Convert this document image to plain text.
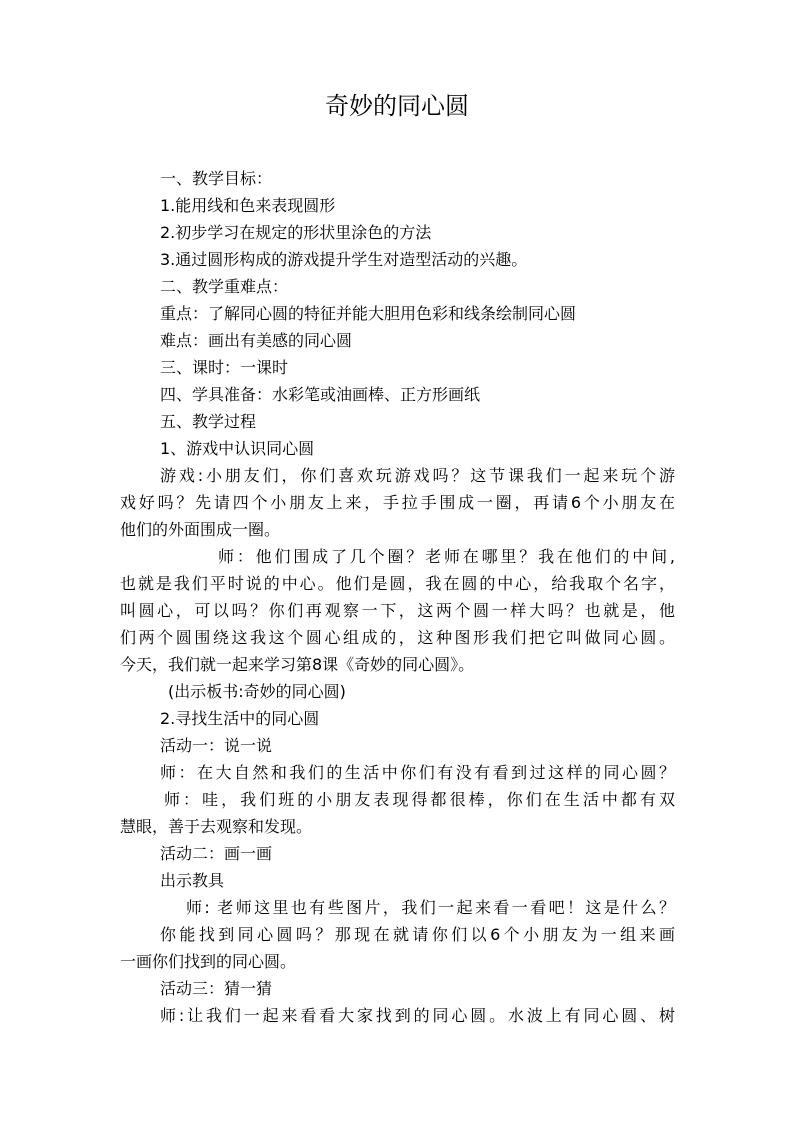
奇妙的同心圆
一、教学目标：
1.能用线和色来表现圆形
2.初步学习在规定的形状里涂色的方法
3.通过圆形构成的游戏提升学生对造型活动的兴趣。
二、教学重难点：
重点：了解同心圆的特征并能大胆用色彩和线条绘制同心圆
难点：画出有美感的同心圆
三、课时：一课时
四、学具准备：水彩笔或油画棒、正方形画纸
五、教学过程
1、游戏中认识同心圆
游戏:小朋友们，你们喜欢玩游戏吗？这节课我们一起来玩个游
戏好吗？先请四个小朋友上来，手拉手围成一圈，再请6个小朋友在
他们的外面围成一圈。
师：他们围成了几个圈？老师在哪里？我在他们的中间,
也就是我们平时说的中心。他们是圆，我在圆的中心，给我取个名字，
叫圆心，可以吗？你们再观察一下，这两个圆一样大吗？也就是，他
们两个圆围绕这我这个圆心组成的，这种图形我们把它叫做同心圆。
今天，我们就一起来学习第8课《奇妙的同心圆》。
(出示板书:奇妙的同心圆)
2.寻找生活中的同心圆
活动一：说一说
师：在大自然和我们的生活中你们有没有看到过这样的同心圆？
师：哇，我们班的小朋友表现得都很棒，你们在生活中都有双
慧眼，善于去观察和发现。
活动二：画一画
出示教具
师: 老师这里也有些图片，我们一起来看一看吧！这是什么？
你能找到同心圆吗？那现在就请你们以6个小朋友为一组来画
一画你们找到的同心圆。
活动三：猜一猜
师:让我们一起来看看大家找到的同心圆。水波上有同心圆、树
